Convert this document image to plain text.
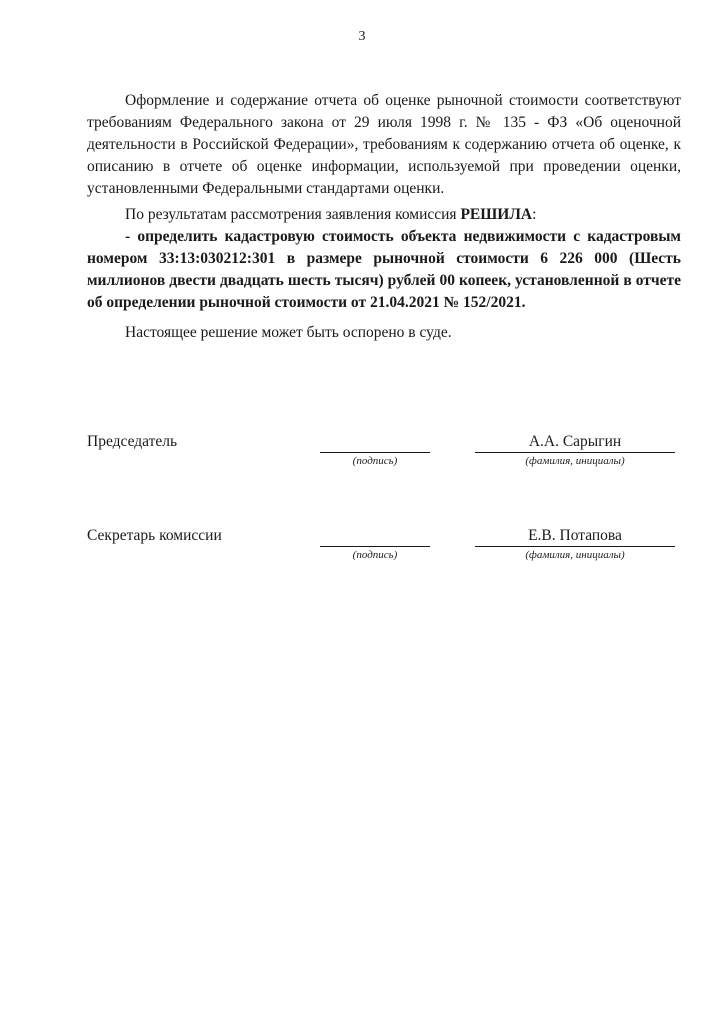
3

Оформление и содержание отчета об оценке рыночной стоимости соответствуют требованиям Федерального закона от 29 июля 1998 г. № 135 - ФЗ «Об оценочной деятельности в Российской Федерации», требованиям к содержанию отчета об оценке, к описанию в отчете об оценке информации, используемой при проведении оценки, установленными Федеральными стандартами оценки.

По результатам рассмотрения заявления комиссия РЕШИЛА:

- определить кадастровую стоимость объекта недвижимости с кадастровым номером 33:13:030212:301 в размере рыночной стоимости 6 226 000 (Шесть миллионов двести двадцать шесть тысяч) рублей 00 копеек, установленной в отчете об определении рыночной стоимости от 21.04.2021 № 152/2021.

Настоящее решение может быть оспорено в суде.

Председатель
(подпись)
А.А. Сарыгин
(фамилия, инициалы)
Секретарь комиссии
(подпись)
Е.В. Потапова
(фамилия, инициалы)
